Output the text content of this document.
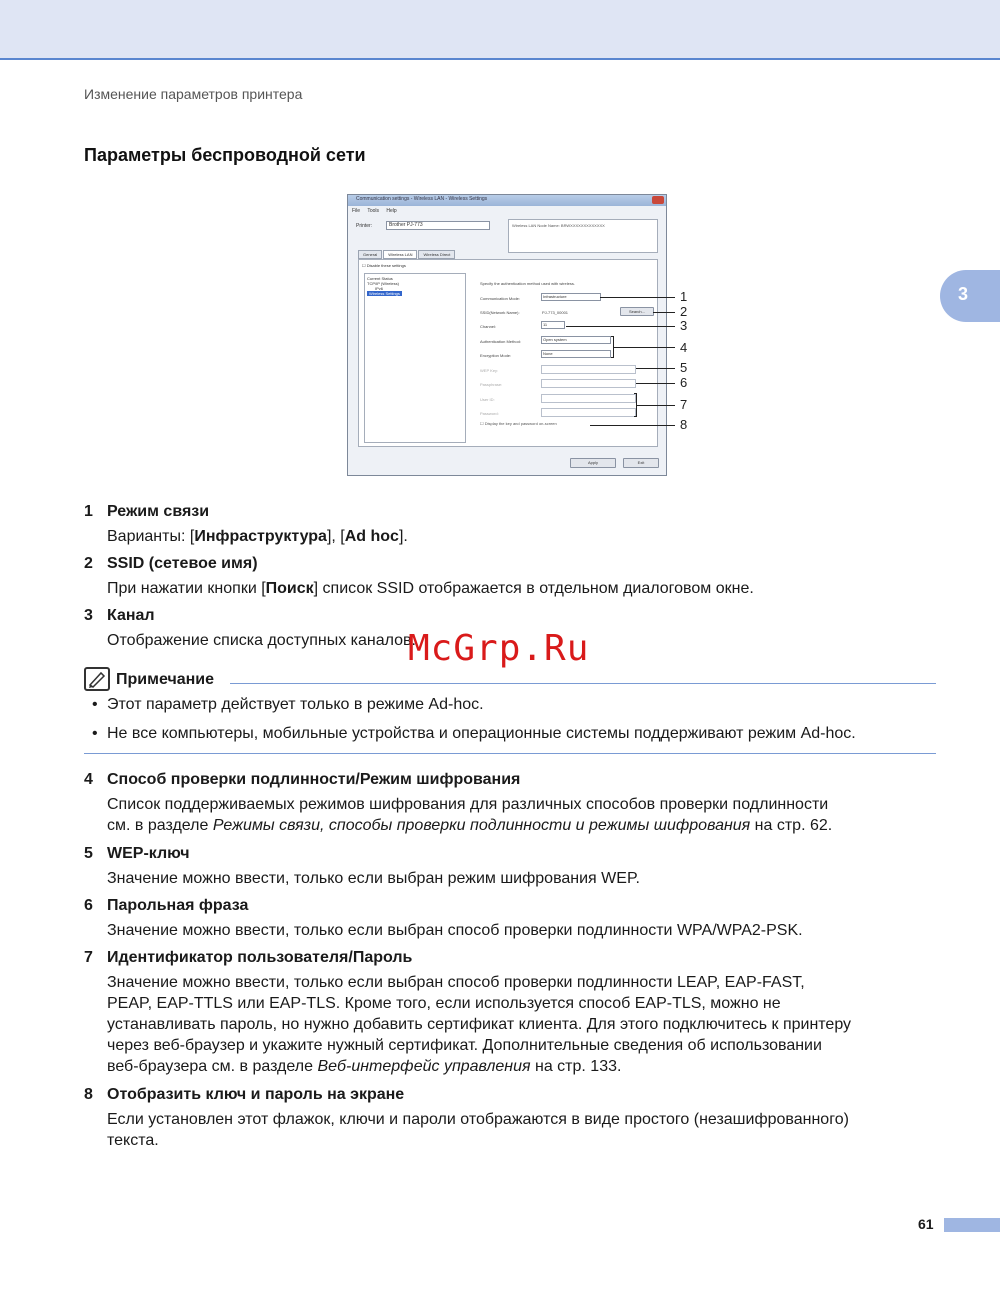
Изменение параметров принтера
Параметры беспроводной сети
3
Communication settings - Wireless LAN - Wireless Settings
File Tools Help
Printer:	Brother PJ-773	Wireless LAN Node Name: BRWXXXXXXXXXXXXX
General	Wireless LAN	Wireless Direct
☐ Disable these settings
Current Status
TCP/IP (Wireless)
IPv6
Wireless Settings
Specify the authentication method used with wireless.
Communication Mode:	Infrastructure
SSID(Network Name):	PJ-773_00001	Search...
Channel:	11
Authentication Method:	Open system
Encryption Mode:	None
WEP Key:
Passphrase:
User ID:
Password:
☐ Display the key and password on-screen
Apply	Exit
1
2
3
4
5
6
7
8
1 Режим связи
Варианты: [Инфраструктура], [Ad hoc].
2 SSID (сетевое имя)
При нажатии кнопки [Поиск] список SSID отображается в отдельном диалоговом окне.
3 Канал
Отображение списка доступных каналов.
Примечание
• Этот параметр действует только в режиме Ad-hoc.
• Не все компьютеры, мобильные устройства и операционные системы поддерживают режим Ad-hoc.
4 Способ проверки подлинности/Режим шифрования
Список поддерживаемых режимов шифрования для различных способов проверки подлинности
см. в разделе Режимы связи, способы проверки подлинности и режимы шифрования на стр. 62.
5 WEP-ключ
Значение можно ввести, только если выбран режим шифрования WEP.
6 Парольная фраза
Значение можно ввести, только если выбран способ проверки подлинности WPA/WPA2-PSK.
7 Идентификатор пользователя/Пароль
Значение можно ввести, только если выбран способ проверки подлинности LEAP, EAP-FAST,
PEAP, EAP-TTLS или EAP-TLS. Кроме того, если используется способ EAP-TLS, можно не
устанавливать пароль, но нужно добавить сертификат клиента. Для этого подключитесь к принтеру
через веб-браузер и укажите нужный сертификат. Дополнительные сведения об использовании
веб-браузера см. в разделе Веб-интерфейс управления на стр. 133.
8 Отобразить ключ и пароль на экране
Если установлен этот флажок, ключи и пароли отображаются в виде простого (незашифрованного)
текста.
McGrp.Ru
61
